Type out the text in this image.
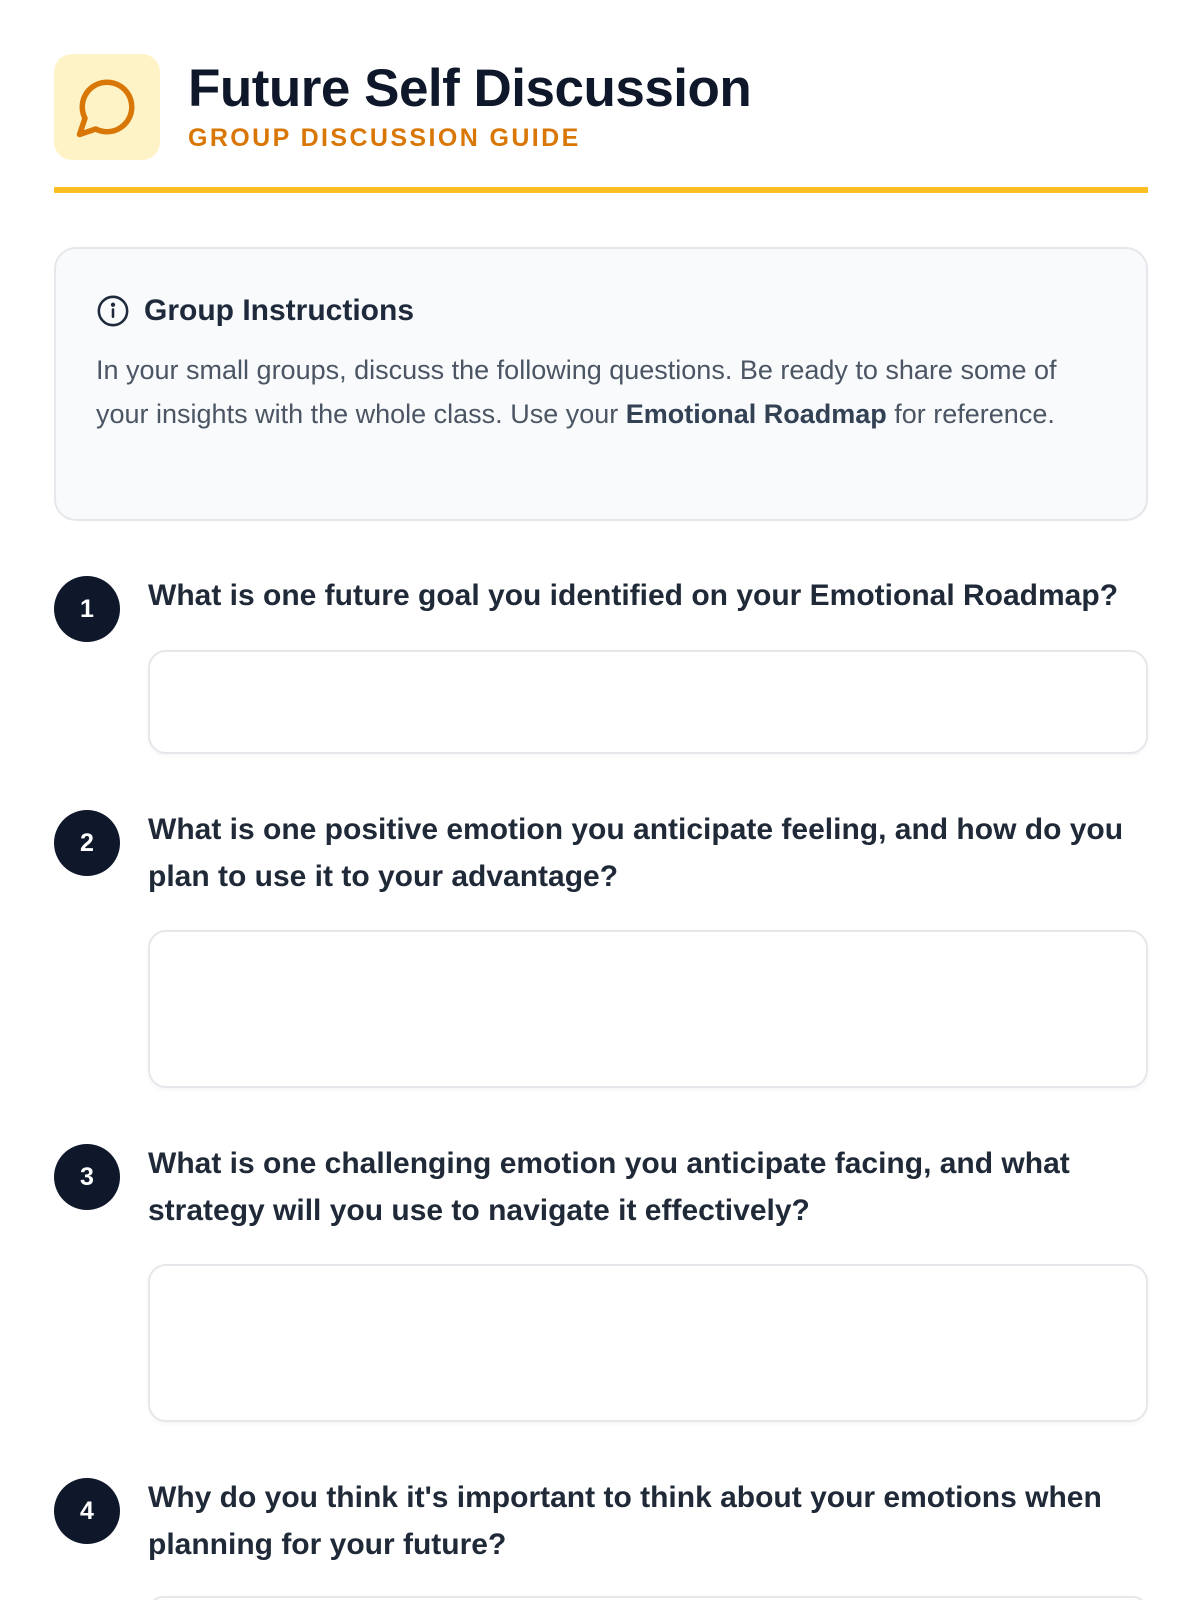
Future Self Discussion
GROUP DISCUSSION GUIDE
Group Instructions

In your small groups, discuss the following questions. Be ready to share some of your insights with the whole class. Use your Emotional Roadmap for reference.

1	What is one future goal you identified on your Emotional Roadmap?
2	What is one positive emotion you anticipate feeling, and how do you plan to use it to your advantage?
3	What is one challenging emotion you anticipate facing, and what strategy will you use to navigate it effectively?
4	Why do you think it's important to think about your emotions when planning for your future?
